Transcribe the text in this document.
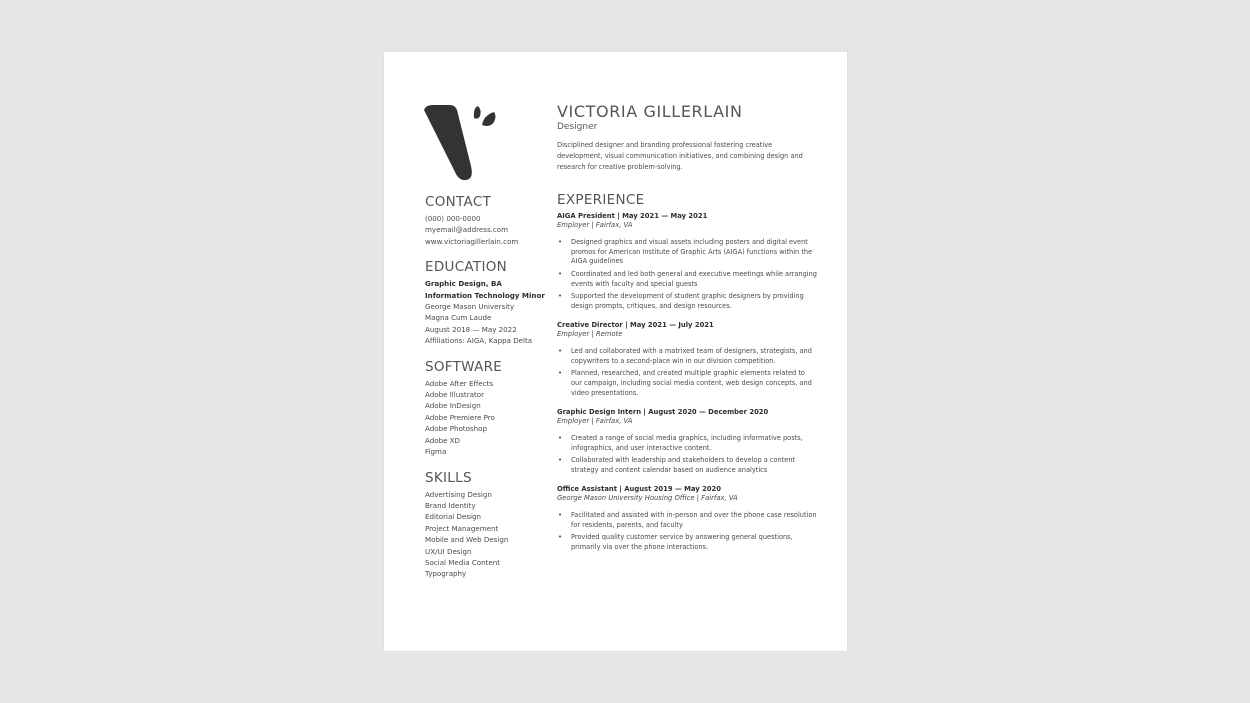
CONTACT
(000) 000-0000
myemail@address.com
www.victoriagillerlain.com
EDUCATION
Graphic Design, BA
Information Technology Minor
George Mason University
Magna Cum Laude
August 2018 — May 2022
Affiliations: AIGA, Kappa Delta
SOFTWARE
Adobe After Effects
Adobe Illustrator
Adobe InDesign
Adobe Premiere Pro
Adobe Photoshop
Adobe XD
Figma
SKILLS
Advertising Design
Brand Identity
Editorial Design
Project Management
Mobile and Web Design
UX/UI Design
Social Media Content
Typography
VICTORIA GILLERLAIN
Designer
Disciplined designer and branding professional fostering creative development, visual communication initiatives, and combining design and research for creative problem-solving.
EXPERIENCE
AIGA President | May 2021 — May 2021
Employer | Fairfax, VA
• Designed graphics and visual assets including posters and digital event promos for American Institute of Graphic Arts (AIGA) functions within the AIGA guidelines
• Coordinated and led both general and executive meetings while arranging events with faculty and special guests
• Supported the development of student graphic designers by providing design prompts, critiques, and design resources.
Creative Director | May 2021 — July 2021
Employer | Remote
• Led and collaborated with a matrixed team of designers, strategists, and copywriters to a second-place win in our division competition.
• Planned, researched, and created multiple graphic elements related to our campaign, including social media content, web design concepts, and video presentations.
Graphic Design Intern | August 2020 — December 2020
Employer | Fairfax, VA
• Created a range of social media graphics, including informative posts, infographics, and user interactive content.
• Collaborated with leadership and stakeholders to develop a content strategy and content calendar based on audience analytics
Office Assistant | August 2019 — May 2020
George Mason University Housing Office | Fairfax, VA
• Facilitated and assisted with in-person and over the phone case resolution for residents, parents, and faculty
• Provided quality customer service by answering general questions, primarily via over the phone interactions.
